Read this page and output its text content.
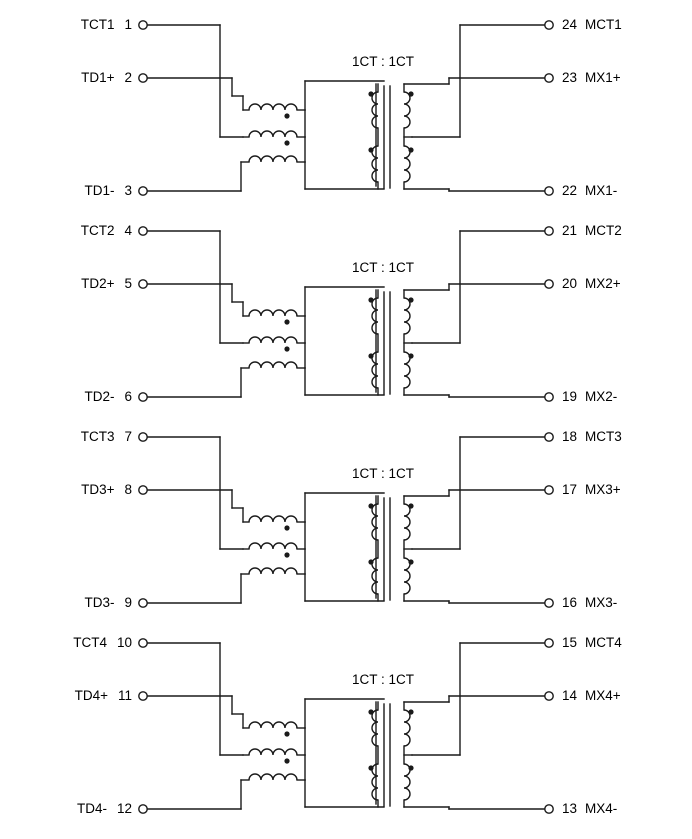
1CT : 1CT
TCT1 1
TD1+ 2
TD1- 3
24 MCT1
23 MX1+
22 MX1-
1CT : 1CT
TCT2 4
TD2+ 5
TD2- 6
21 MCT2
20 MX2+
19 MX2-
1CT : 1CT
TCT3 7
TD3+ 8
TD3- 9
18 MCT3
17 MX3+
16 MX3-
1CT : 1CT
TCT4 10
TD4+ 11
TD4- 12
15 MCT4
14 MX4+
13 MX4-
